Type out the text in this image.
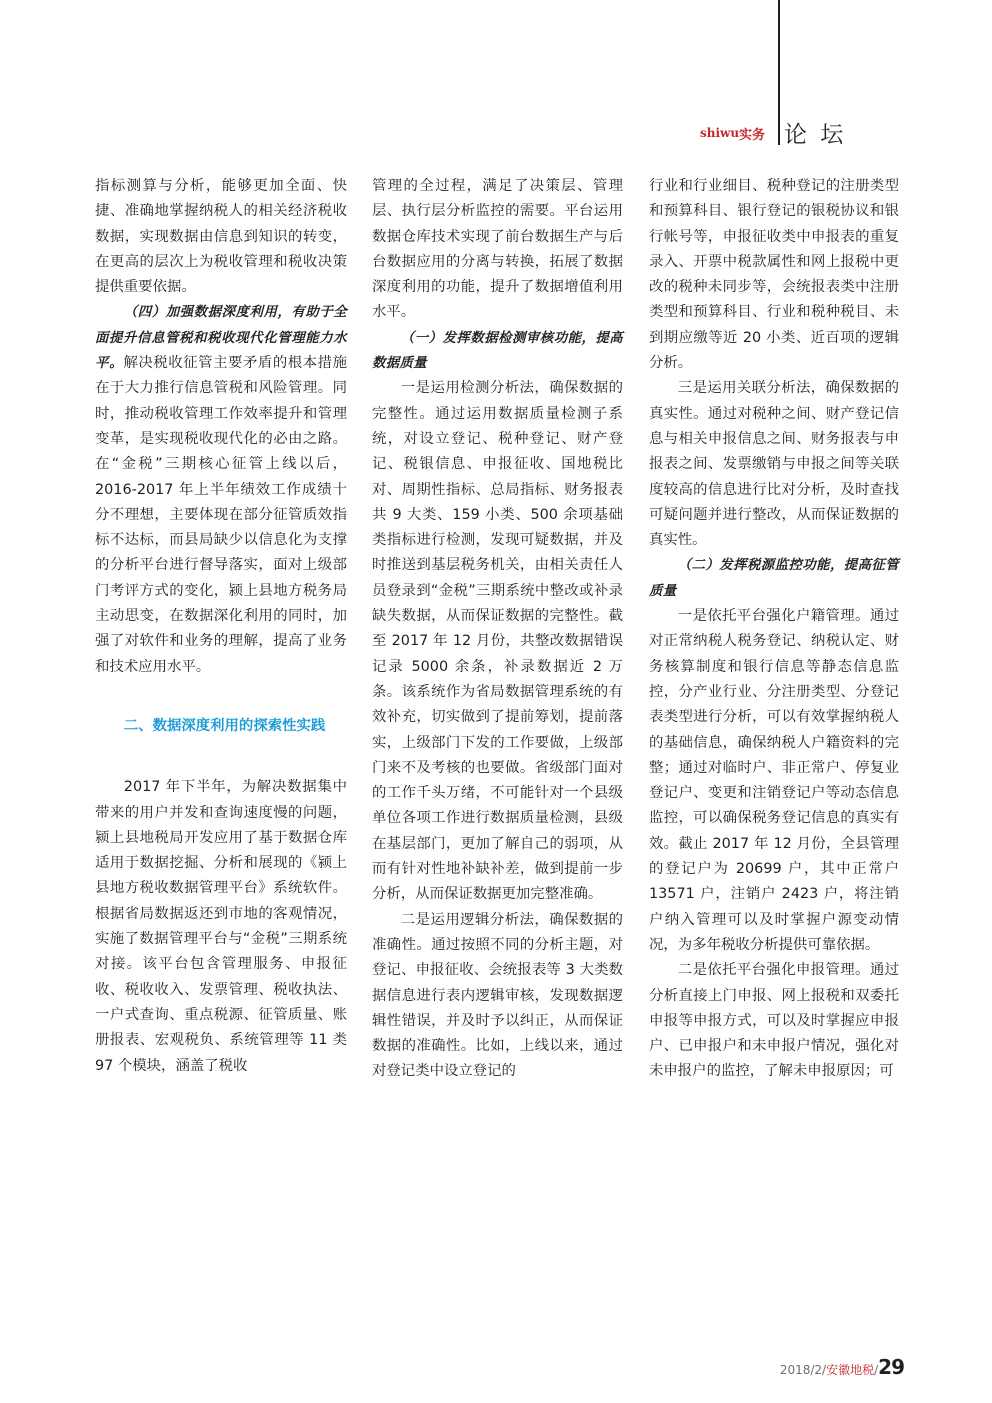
shiwu 实务 论 坛

指标测算与分析，能够更加全面、快捷、准确地掌握纳税人的相关经济税收数据，实现数据由信息到知识的转变，在更高的层次上为税收管理和税收决策提供重要依据。

（四）加强数据深度利用，有助于全面提升信息管税和税收现代化管理能力水平。解决税收征管主要矛盾的根本措施在于大力推行信息管税和风险管理。同时，推动税收管理工作效率提升和管理变革，是实现税收现代化的必由之路。在“金税”三期核心征管上线以后，2016-2017 年上半年绩效工作成绩十分不理想，主要体现在部分征管质效指标不达标，而县局缺少以信息化为支撑的分析平台进行督导落实，面对上级部门考评方式的变化，颍上县地方税务局主动思变，在数据深化利用的同时，加强了对软件和业务的理解，提高了业务和技术应用水平。

二、数据深度利用的探索性实践

2017 年下半年，为解决数据集中带来的用户并发和查询速度慢的问题，颍上县地税局开发应用了基于数据仓库适用于数据挖掘、分析和展现的《颍上县地方税收数据管理平台》系统软件。根据省局数据返还到市地的客观情况，实施了数据管理平台与“金税”三期系统对接。该平台包含管理服务、申报征收、税收收入、发票管理、税收执法、一户式查询、重点税源、征管质量、账册报表、宏观税负、系统管理等 11 类 97 个模块，涵盖了税收

管理的全过程，满足了决策层、管理层、执行层分析监控的需要。平台运用数据仓库技术实现了前台数据生产与后台数据应用的分离与转换，拓展了数据深度利用的功能，提升了数据增值利用水平。

（一）发挥数据检测审核功能，提高数据质量

一是运用检测分析法，确保数据的完整性。通过运用数据质量检测子系统，对设立登记、税种登记、财产登记、税银信息、申报征收、国地税比对、周期性指标、总局指标、财务报表共 9 大类、159 小类、500 余项基础类指标进行检测，发现可疑数据，并及时推送到基层税务机关，由相关责任人员登录到“金税”三期系统中整改或补录缺失数据，从而保证数据的完整性。截至 2017 年 12 月份，共整改数据错误记录 5000 余条，补录数据近 2 万条。该系统作为省局数据管理系统的有效补充，切实做到了提前筹划，提前落实，上级部门下发的工作要做，上级部门来不及考核的也要做。省级部门面对的工作千头万绪，不可能针对一个县级单位各项工作进行数据质量检测，县级在基层部门，更加了解自己的弱项，从而有针对性地补缺补差，做到提前一步分析，从而保证数据更加完整准确。

二是运用逻辑分析法，确保数据的准确性。通过按照不同的分析主题，对登记、申报征收、会统报表等 3 大类数据信息进行表内逻辑审核，发现数据逻辑性错误，并及时予以纠正，从而保证数据的准确性。比如，上线以来，通过对登记类中设立登记的

行业和行业细目、税种登记的注册类型和预算科目、银行登记的银税协议和银行帐号等，申报征收类中申报表的重复录入、开票中税款属性和网上报税中更改的税种未同步等，会统报表类中注册类型和预算科目、行业和税种税目、未到期应缴等近 20 小类、近百项的逻辑分析。

三是运用关联分析法，确保数据的真实性。通过对税种之间、财产登记信息与相关申报信息之间、财务报表与申报表之间、发票缴销与申报之间等关联度较高的信息进行比对分析，及时查找可疑问题并进行整改，从而保证数据的真实性。

（二）发挥税源监控功能，提高征管质量

一是依托平台强化户籍管理。通过对正常纳税人税务登记、纳税认定、财务核算制度和银行信息等静态信息监控，分产业行业、分注册类型、分登记表类型进行分析，可以有效掌握纳税人的基础信息，确保纳税人户籍资料的完整；通过对临时户、非正常户、停复业登记户、变更和注销登记户等动态信息监控，可以确保税务登记信息的真实有效。截止 2017 年 12 月份，全县管理的登记户为 20699 户，其中正常户 13571 户，注销户 2423 户，将注销户纳入管理可以及时掌握户源变动情况，为多年税收分析提供可靠依据。

二是依托平台强化申报管理。通过分析直接上门申报、网上报税和双委托申报等申报方式，可以及时掌握应申报户、已申报户和未申报户情况，强化对未申报户的监控，了解未申报原因；可

2018/2/安徽地税/29
